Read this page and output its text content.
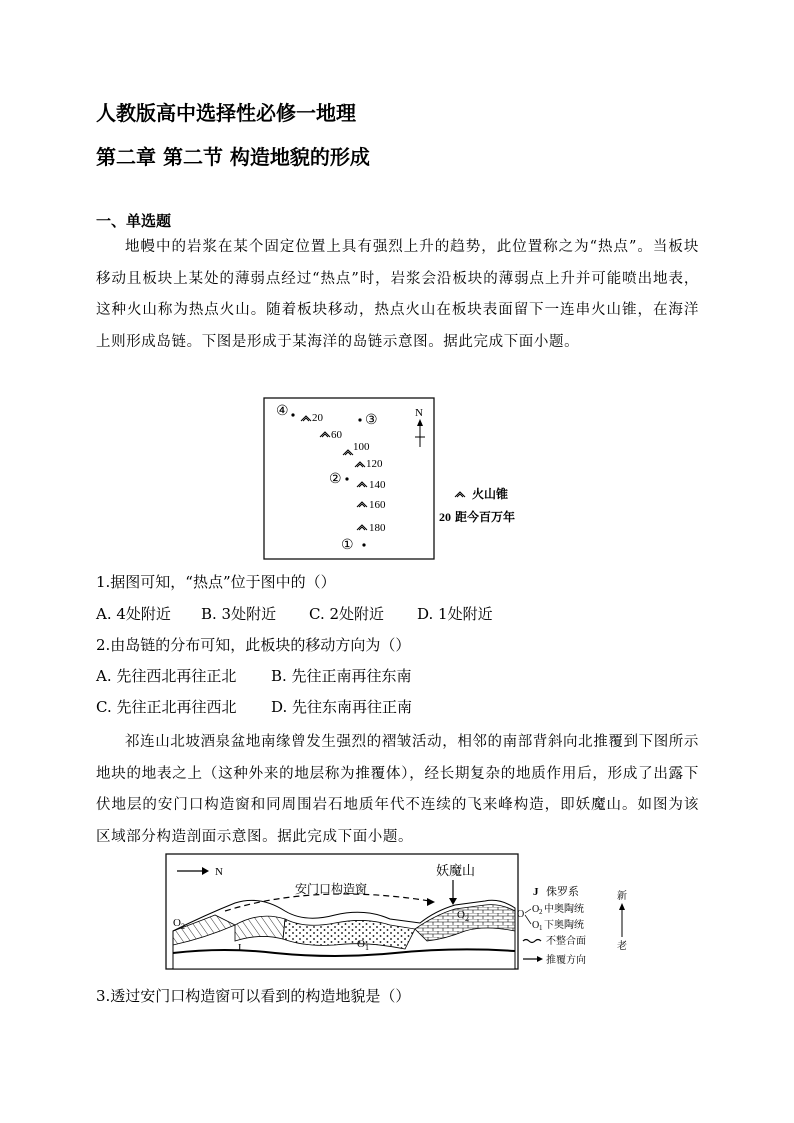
人教版高中选择性必修一地理
第二章 第二节 构造地貌的形成
一、单选题
地幔中的岩浆在某个固定位置上具有强烈上升的趋势，此位置称之为“热点”。当板块移动且板块上某处的薄弱点经过“热点”时，岩浆会沿板块的薄弱点上升并可能喷出地表，这种火山称为热点火山。随着板块移动，热点火山在板块表面留下一连串火山锥，在海洋上则形成岛链。下图是形成于某海洋的岛链示意图。据此完成下面小题。
④
③
②
①
N
20
60
100
120
140
160
180
火山锥
20 距今百万年
1.据图可知，“热点”位于图中的（）
A. 4处附近 B. 3处附近 C. 2处附近 D. 1处附近
2.由岛链的分布可知，此板块的移动方向为（）
A. 先往西北再往正北 B. 先往正南再往东南
C. 先往正北再往西北 D. 先往东南再往正南
祁连山北坡酒泉盆地南缘曾发生强烈的褶皱活动，相邻的南部背斜向北推覆到下图所示地块的地表之上（这种外来的地层称为推覆体），经长期复杂的地质作用后，形成了出露下伏地层的安门口构造窗和同周围岩石地质年代不连续的飞来峰构造，即妖魔山。如图为该区域部分构造剖面示意图。据此完成下面小题。
N
安门口构造窗
妖魔山
O 2
J	O 1
O 2
J 侏罗系
O O 2 中奥陶统
O 1 下奥陶统
不整合面
推覆方向
新
老
3.透过安门口构造窗可以看到的构造地貌是（）
